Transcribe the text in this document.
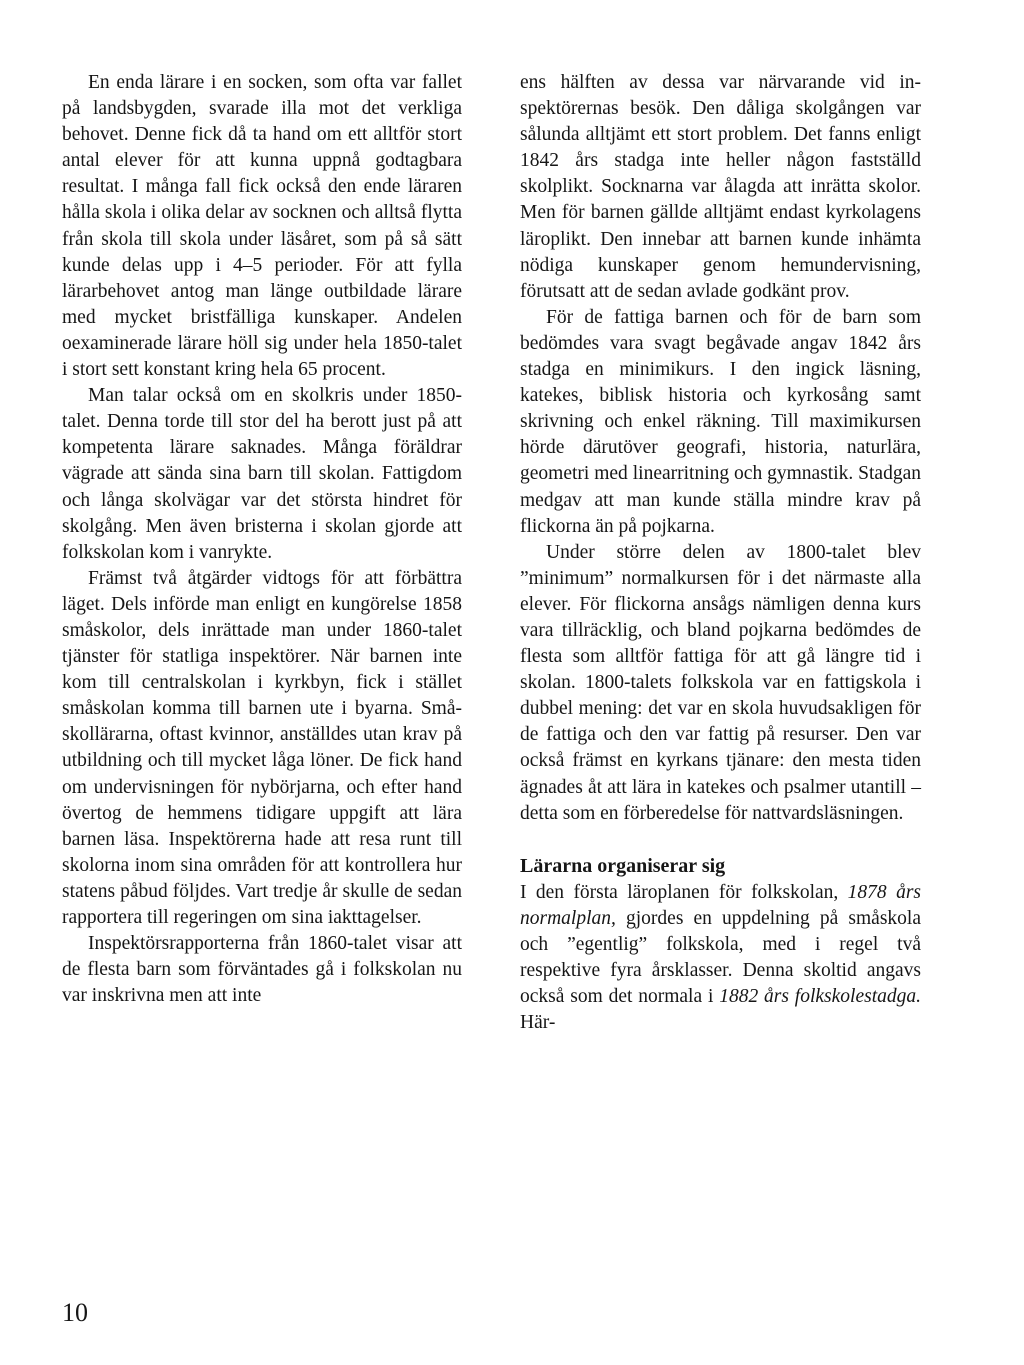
En enda lärare i en socken, som ofta var fallet på landsbygden, svarade illa mot det verkliga behovet. Denne fick då ta hand om ett alltför stort antal elever för att kunna uppnå godtagbara resultat. I många fall fick också den ende läraren hålla skola i olika delar av socknen och alltså flytta från skola till skola under läsåret, som på så sätt kunde delas upp i 4–5 perioder. För att fylla lärarbehovet antog man länge outbildade lärare med mycket bristfälliga kunskaper. Andelen oexaminerade lärare höll sig under hela 1850-talet i stort sett konstant kring hela 65 procent.

Man talar också om en skolkris under 1850-talet. Denna torde till stor del ha berott just på att kompetenta lärare saknades. Många föräldrar vägrade att sända sina barn till skolan. Fattigdom och långa skolvägar var det största hindret för skolgång. Men även bristerna i skolan gjorde att folkskolan kom i vanrykte.

Främst två åtgärder vidtogs för att förbättra läget. Dels införde man enligt en kungörelse 1858 småskolor, dels inrättade man under 1860-talet tjänster för statliga inspektörer. När barnen inte kom till centralskolan i kyrkbyn, fick i stället småskolan komma till barnen ute i byarna. Småskollärarna, oftast kvinnor, anställdes utan krav på utbildning och till mycket låga löner. De fick hand om undervisningen för nybörjarna, och efter hand övertog de hemmens tidigare uppgift att lära barnen läsa. Inspektörerna hade att resa runt till skolorna inom sina områden för att kontrollera hur statens påbud följdes. Vart tredje år skulle de sedan rapportera till regeringen om sina iakttagelser.

Inspektörsrapporterna från 1860-talet visar att de flesta barn som förväntades gå i folkskolan nu var inskrivna men att inte

ens hälften av dessa var närvarande vid inspektörernas besök. Den dåliga skolgången var sålunda alltjämt ett stort problem. Det fanns enligt 1842 års stadga inte heller någon fastställd skolplikt. Socknarna var ålagda att inrätta skolor. Men för barnen gällde alltjämt endast kyrkolagens läroplikt. Den innebar att barnen kunde inhämta nödiga kunskaper genom hemundervisning, förutsatt att de sedan avlade godkänt prov.

För de fattiga barnen och för de barn som bedömdes vara svagt begåvade angav 1842 års stadga en minimikurs. I den ingick läsning, katekes, biblisk historia och kyrkosång samt skrivning och enkel räkning. Till maximikursen hörde därutöver geografi, historia, naturlära, geometri med linearritning och gymnastik. Stadgan medgav att man kunde ställa mindre krav på flickorna än på pojkarna.

Under större delen av 1800-talet blev ”minimum” normalkursen för i det närmaste alla elever. För flickorna ansågs nämligen denna kurs vara tillräcklig, och bland pojkarna bedömdes de flesta som alltför fattiga för att gå längre tid i skolan. 1800-talets folkskola var en fattigskola i dubbel mening: det var en skola huvudsakligen för de fattiga och den var fattig på resurser. Den var också främst en kyrkans tjänare: den mesta tiden ägnades åt att lära in katekes och psalmer utantill – detta som en förberedelse för nattvardsläsningen.

Lärarna organiserar sig

I den första läroplanen för folkskolan, 1878 års normalplan, gjordes en uppdelning på småskola och ”egentlig” folkskola, med i regel två respektive fyra årsklasser. Denna skoltid angavs också som det normala i 1882 års folkskolestadga. Här-

10
